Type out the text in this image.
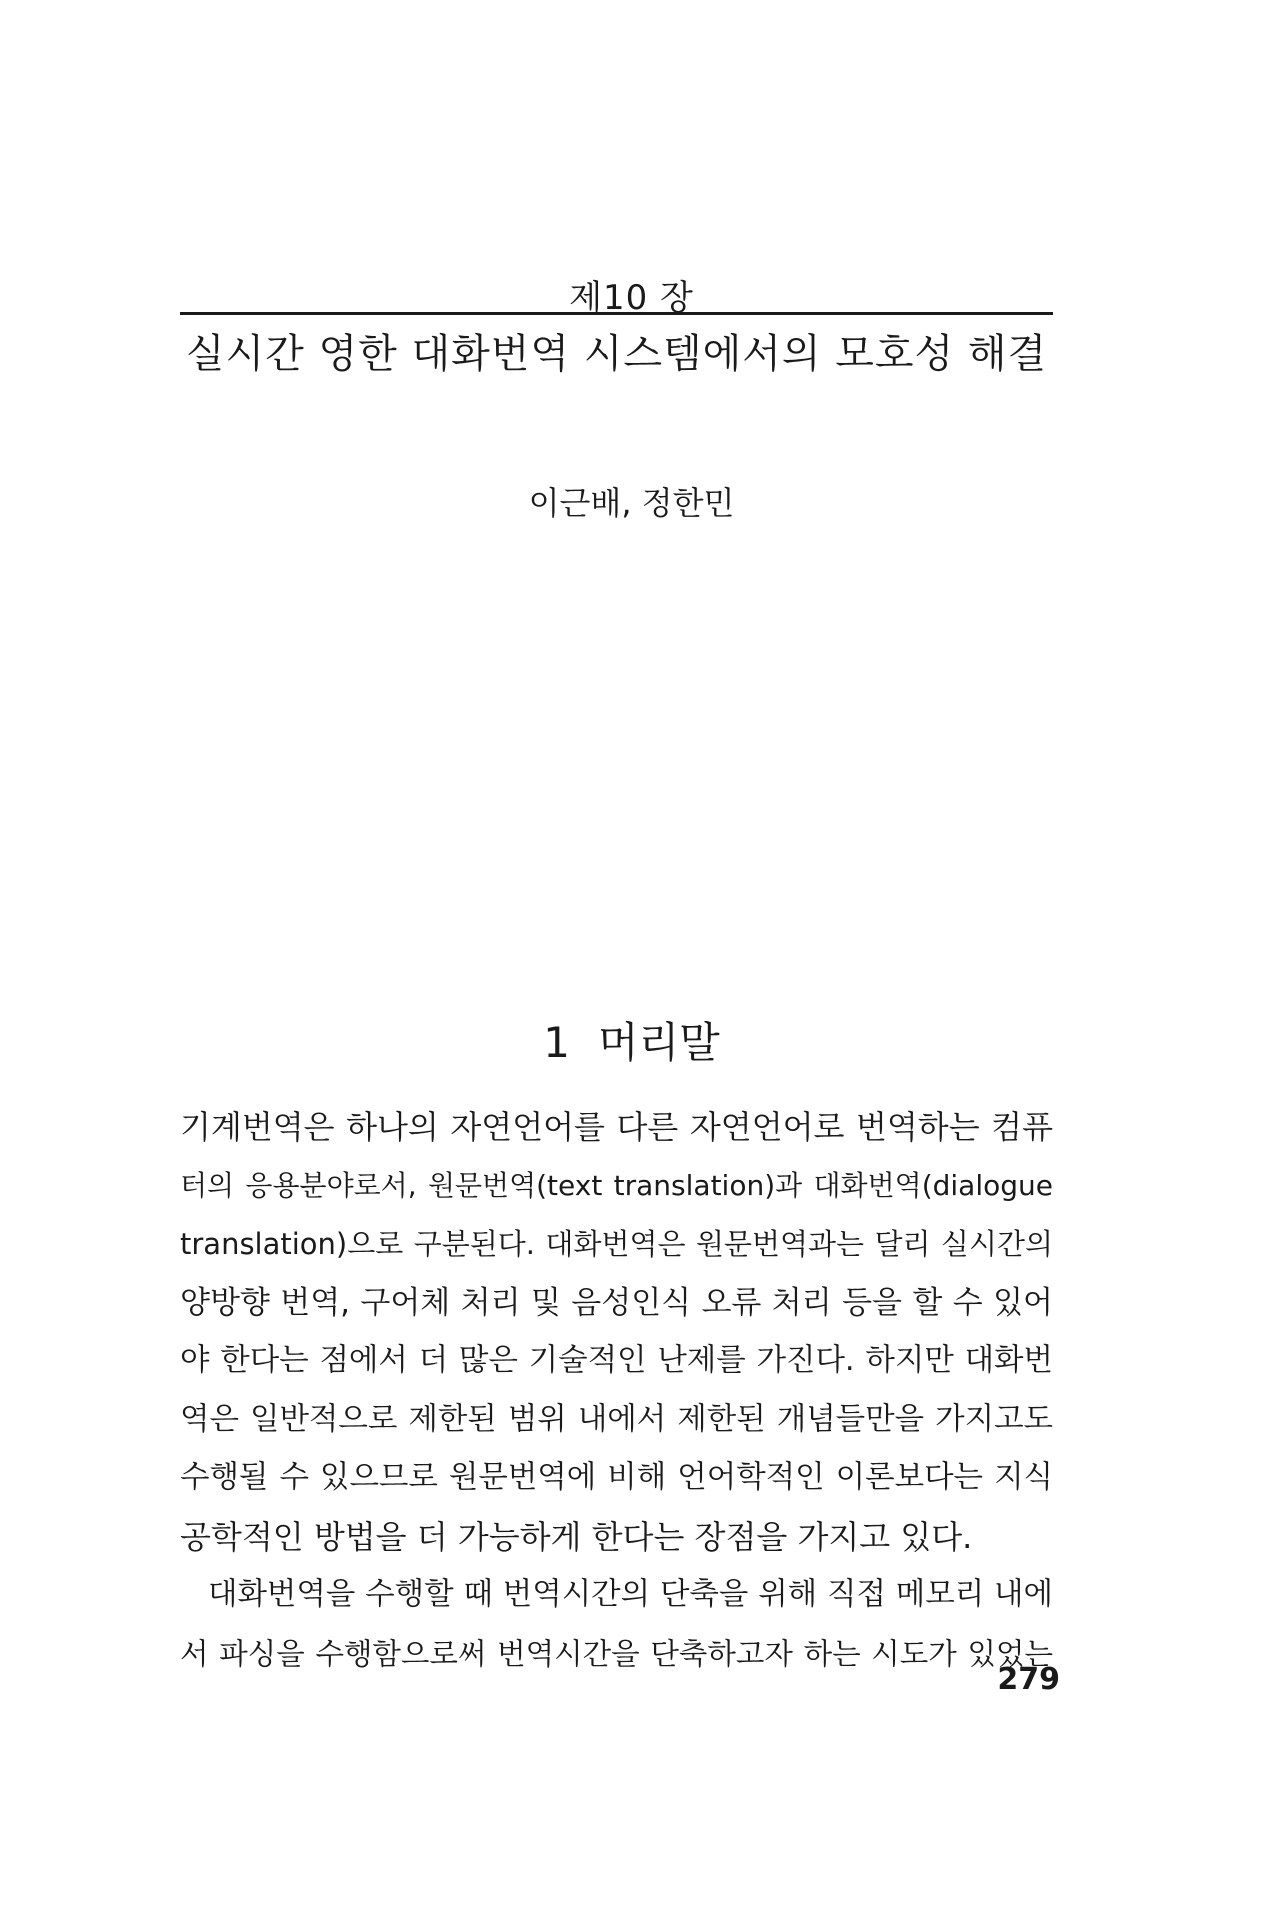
제10 장
실시간 영한 대화번역 시스템에서의 모호성 해결
이근배, 정한민
1 머리말
기계번역은 하나의 자연언어를 다른 자연언어로 번역하는 컴퓨
터의 응용분야로서, 원문번역(text translation)과 대화번역(dialogue
translation)으로 구분된다. 대화번역은 원문번역과는 달리 실시간의
양방향 번역, 구어체 처리 및 음성인식 오류 처리 등을 할 수 있어
야 한다는 점에서 더 많은 기술적인 난제를 가진다. 하지만 대화번
역은 일반적으로 제한된 범위 내에서 제한된 개념들만을 가지고도
수행될 수 있으므로 원문번역에 비해 언어학적인 이론보다는 지식
공학적인 방법을 더 가능하게 한다는 장점을 가지고 있다.
대화번역을 수행할 때 번역시간의 단축을 위해 직접 메모리 내에
서 파싱을 수행함으로써 번역시간을 단축하고자 하는 시도가 있었는
279
